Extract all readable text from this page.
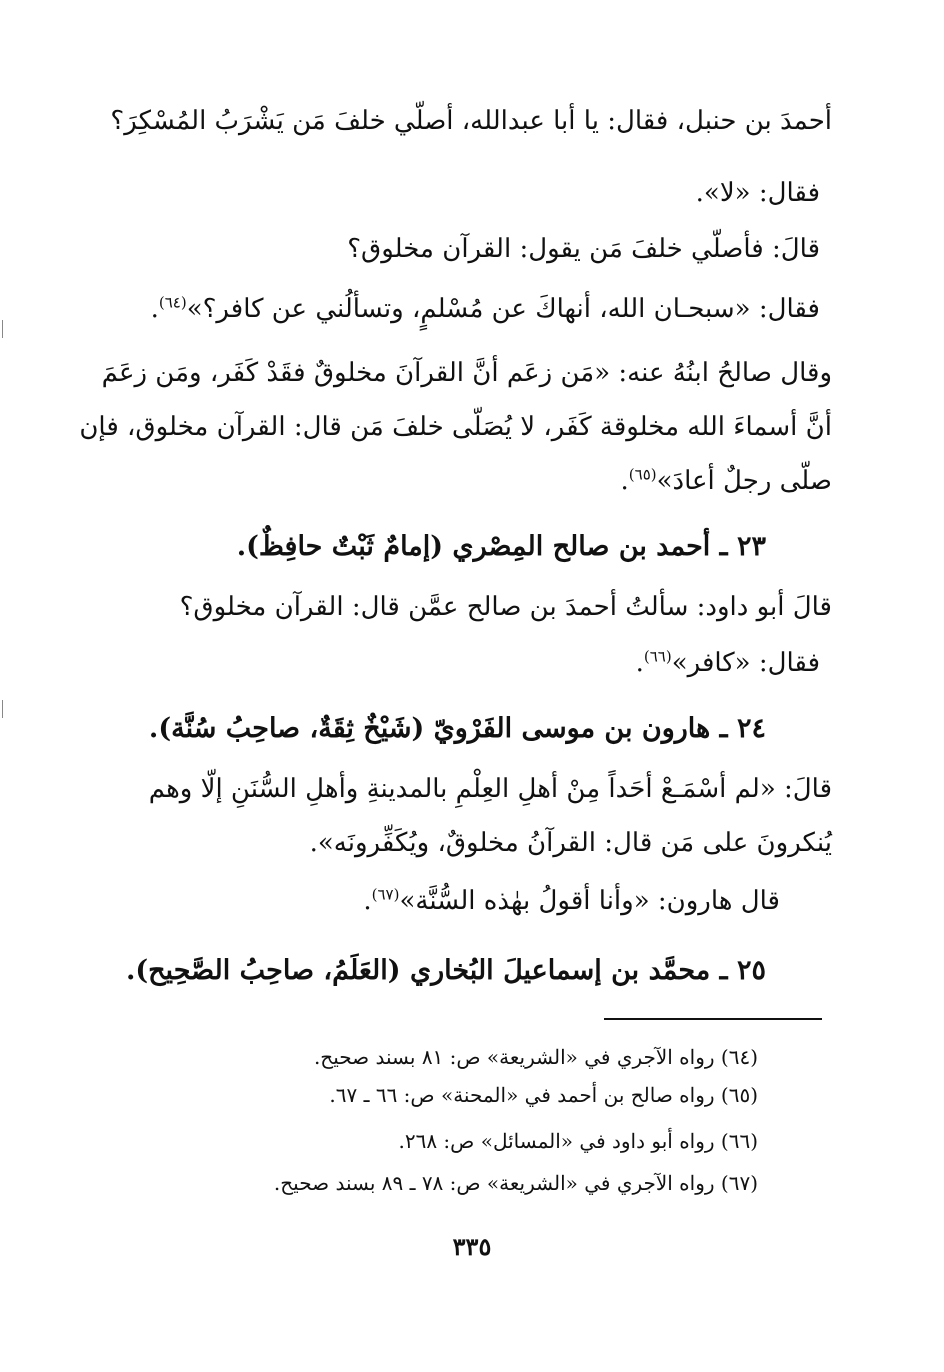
أحمدَ بن حنبل، فقال: يا أبا عبدالله، أصلّي خلفَ مَن يَشْرَبُ المُسْكِرَ؟
فقال: «لا».
قالَ: فأصلّي خلفَ مَن يقول: القرآن مخلوق؟
فقال: «سبحـان الله، أنهاكَ عن مُسْلمٍ، وتسألُني عن كافر؟»$^{(٦٤)}$.
وقال صالحُ ابنُهُ عنه: «مَن زعَم أنَّ القرآنَ مخلوقٌ فقَدْ كَفَر، ومَن زعَمَ
أنَّ أسماءَ الله مخلوقة كَفَر، لا يُصَلّى خلفَ مَن قال: القرآن مخلوق، فإن
صلّى رجلٌ أعادَ»$^{(٦٥)}$.
٢٣ ـ أحمد بن صالح المِصْري (إمامٌ ثَبْتٌ حافِظٌ).
قالَ أبو داود: سألتُ أحمدَ بن صالح عمَّن قال: القرآن مخلوق؟
فقال: «كافر»$^{(٦٦)}$.
٢٤ ـ هارون بن موسى الفَرْويّ (شَيْخٌ ثِقَةٌ، صاحِبُ سُنَّة).
قالَ: «لم أسْمَـعْ أحَداً مِنْ أهلِ العِلْمِ بالمدينةِ وأهلِ السُّنَنِ إلّا وهم
يُنكرونَ على مَن قال: القرآنُ مخلوقٌ، ويُكَفِّرونَه».
قال هارون: «وأنا أقولُ بهٰذه السُّنَّة»$^{(٦٧)}$.
٢٥ ـ محمَّد بن إسماعيلَ البُخاري (العَلَمُ، صاحِبُ الصَّحِيح).
(٦٤) رواه الآجري في «الشريعة» ص: ٨١ بسند صحيح.
(٦٥) رواه صالح بن أحمد في «المحنة» ص: ٦٦ ـ ٦٧.
(٦٦) رواه أبو داود في «المسائل» ص: ٢٦٨.
(٦٧) رواه الآجري في «الشريعة» ص: ٧٨ ـ ٨٩ بسند صحيح.
٣٣٥
